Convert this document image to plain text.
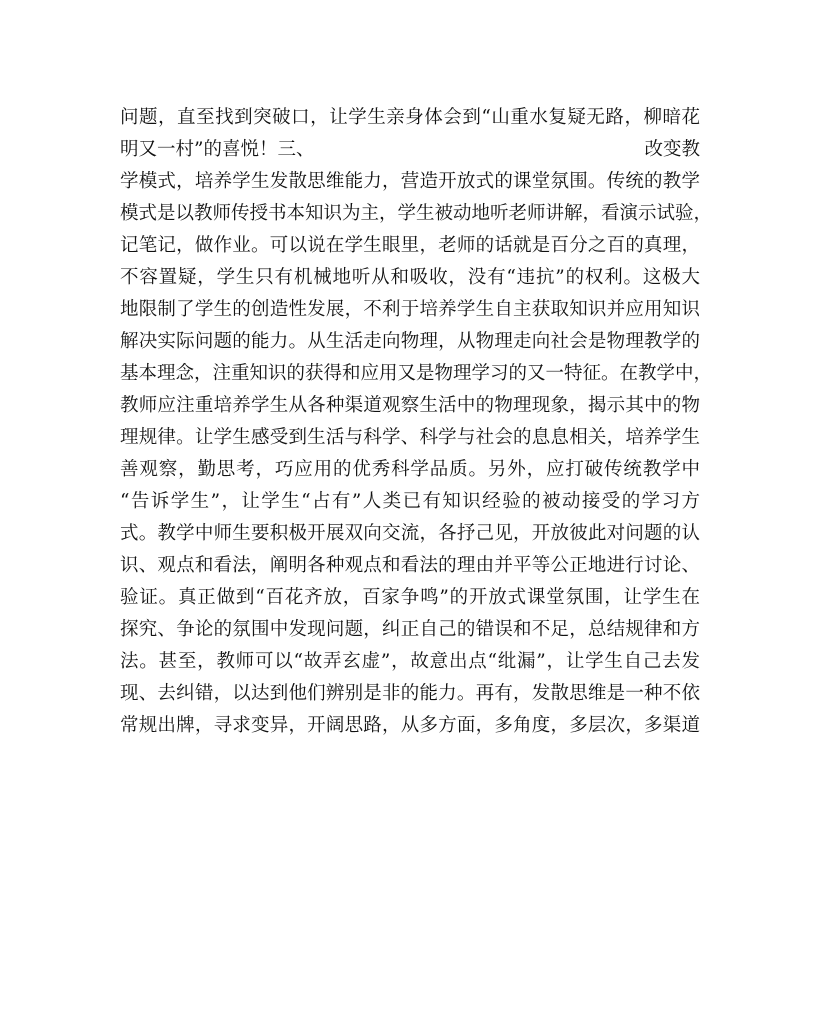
问题，直至找到突破口，让学生亲身体会到“山重水复疑无路，柳暗花
明又一村”的喜悦！三、	改变教
学模式，培养学生发散思维能力，营造开放式的课堂氛围。传统的教学
模式是以教师传授书本知识为主，学生被动地听老师讲解，看演示试验，
记笔记，做作业。可以说在学生眼里，老师的话就是百分之百的真理，
不容置疑，学生只有机械地听从和吸收，没有“违抗”的权利。这极大
地限制了学生的创造性发展，不利于培养学生自主获取知识并应用知识
解决实际问题的能力。从生活走向物理，从物理走向社会是物理教学的
基本理念，注重知识的获得和应用又是物理学习的又一特征。在教学中，
教师应注重培养学生从各种渠道观察生活中的物理现象，揭示其中的物
理规律。让学生感受到生活与科学、科学与社会的息息相关，培养学生
善观察，勤思考，巧应用的优秀科学品质。另外，应打破传统教学中
“告诉学生”，让学生“占有”人类已有知识经验的被动接受的学习方
式。教学中师生要积极开展双向交流，各抒己见，开放彼此对问题的认
识、观点和看法，阐明各种观点和看法的理由并平等公正地进行讨论、
验证。真正做到“百花齐放，百家争鸣”的开放式课堂氛围，让学生在
探究、争论的氛围中发现问题，纠正自己的错误和不足，总结规律和方
法。甚至，教师可以“故弄玄虚”，故意出点“纰漏”，让学生自己去发
现、去纠错，以达到他们辨别是非的能力。再有，发散思维是一种不依
常规出牌，寻求变异，开阔思路，从多方面，多角度，多层次，多渠道
